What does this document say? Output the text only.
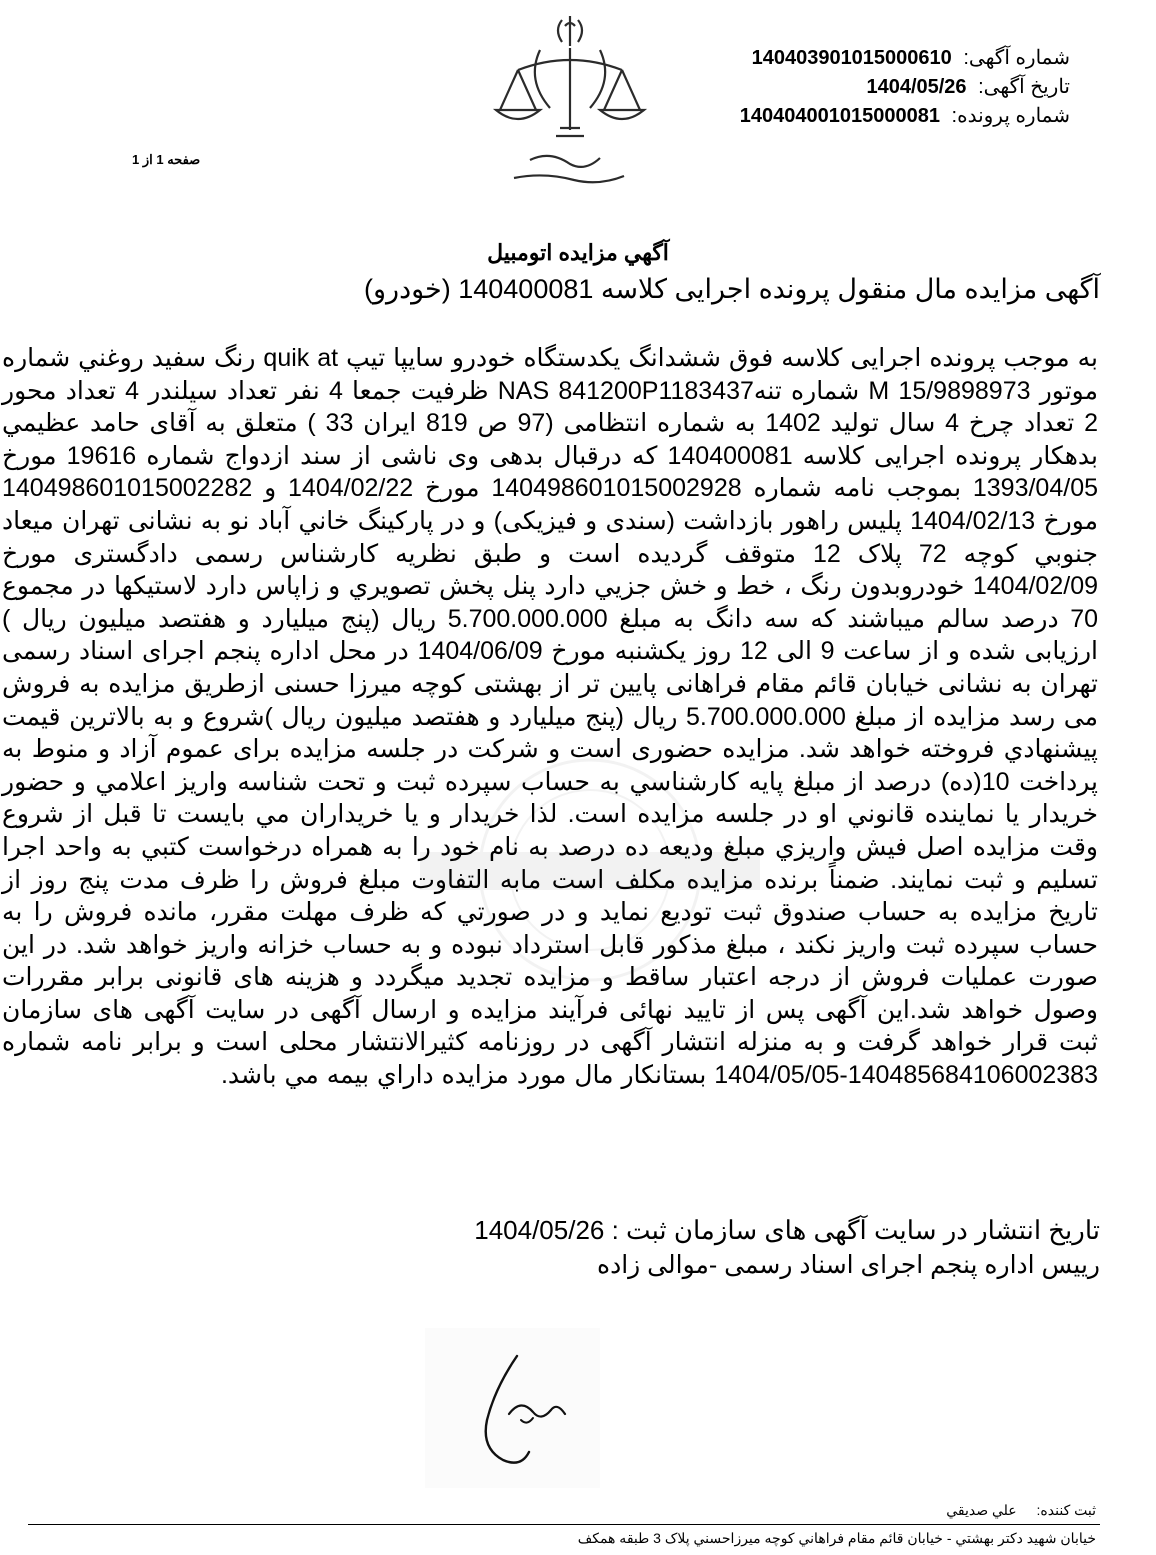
شماره آگهی: 140403901015000610
تاریخ آگهی: 1404/05/26
شماره پرونده: 140404001015000081
صفحه 1 از 1
آگهي مزايده اتومبيل
آگهی مزایده مال منقول پرونده اجرایی کلاسه 140400081 (خودرو)
به موجب پرونده اجرایی کلاسه فوق ششدانگ یکدستگاه خودرو سایپا تیپ quik at رنگ سفید روغني شماره موتور M 15/9898973 شماره تنهNAS 841200P1183437 ظرفیت جمعا 4 نفر تعداد سیلندر 4 تعداد محور 2 تعداد چرخ 4 سال تولید 1402 به شماره انتظامی (97 ص 819 ایران 33 ) متعلق به آقای حامد عظیمي بدهکار پرونده اجرایی کلاسه 140400081 که درقبال بدهی وی ناشی از سند ازدواج شماره 19616 مورخ 1393/04/05 بموجب نامه شماره 140498601015002928 مورخ 1404/02/22 و 140498601015002282 مورخ 1404/02/13 پلیس راهور بازداشت (سندی و فیزیکی) و در پارکینگ خاني آباد نو به نشانی تهران میعاد جنوبي کوچه 72 پلاک 12 متوقف گردیده است و طبق نظریه کارشناس رسمی دادگستری مورخ 1404/02/09 خودروبدون رنگ ، خط و خش جزیي دارد پنل پخش تصویري و زاپاس دارد لاستیکها در مجموع 70 درصد سالم میباشند که سه دانگ به مبلغ 5.700.000.000 ریال (پنج میلیارد و هفتصد میلیون ریال ) ارزیابی شده و از ساعت 9 الی 12 روز یکشنبه مورخ 1404/06/09 در محل اداره پنجم اجرای اسناد رسمی تهران به نشانی خیابان قائم مقام فراهانی پایین تر از بهشتی کوچه میرزا حسنی ازطریق مزایده به فروش می رسد مزایده از مبلغ 5.700.000.000 ریال (پنج میلیارد و هفتصد میلیون ریال )شروع و به بالاترین قیمت پیشنهادي فروخته خواهد شد. مزایده حضوری است و شرکت در جلسه مزایده برای عموم آزاد و منوط به پرداخت 10(ده) درصد از مبلغ پایه کارشناسي به حساب سپرده ثبت و تحت شناسه واریز اعلامي و حضور خریدار یا نماینده قانوني او در جلسه مزایده است. لذا خریدار و یا خریداران مي بایست تا قبل از شروع وقت مزایده اصل فیش واریزي مبلغ ودیعه ده درصد به نام خود را به همراه درخواست کتبي به واحد اجرا تسلیم و ثبت نمایند. ضمناً برنده مزایده مکلف است مابه التفاوت مبلغ فروش را ظرف مدت پنج روز از تاریخ مزایده به حساب صندوق ثبت تودیع نماید و در صورتي که ظرف مهلت مقرر، مانده فروش را به حساب سپرده ثبت واریز نکند ، مبلغ مذکور قابل استرداد نبوده و به حساب خزانه واریز خواهد شد. در این صورت عملیات فروش از درجه اعتبار ساقط و مزایده تجدید میگردد و هزینه های قانونی برابر مقررات وصول خواهد شد.این آگهی پس از تایید نهائی فرآیند مزایده و ارسال آگهی در سایت آگهی های سازمان ثبت قرار خواهد گرفت و به منزله انتشار آگهی در روزنامه کثیرالانتشار محلی است و برابر نامه شماره 140485684106002383-1404/05/05 بستانکار مال مورد مزایده داراي بیمه مي باشد.
تاریخ انتشار در سایت آگهی های سازمان ثبت : 1404/05/26
رییس اداره پنجم اجرای اسناد رسمی -موالی زاده
ثبت کننده: علي صديقي
خيابان شهيد دکتر بهشتي - خيابان قائم مقام فراهاني کوچه ميرزاحسني پلاک 3 طبقه همکف
